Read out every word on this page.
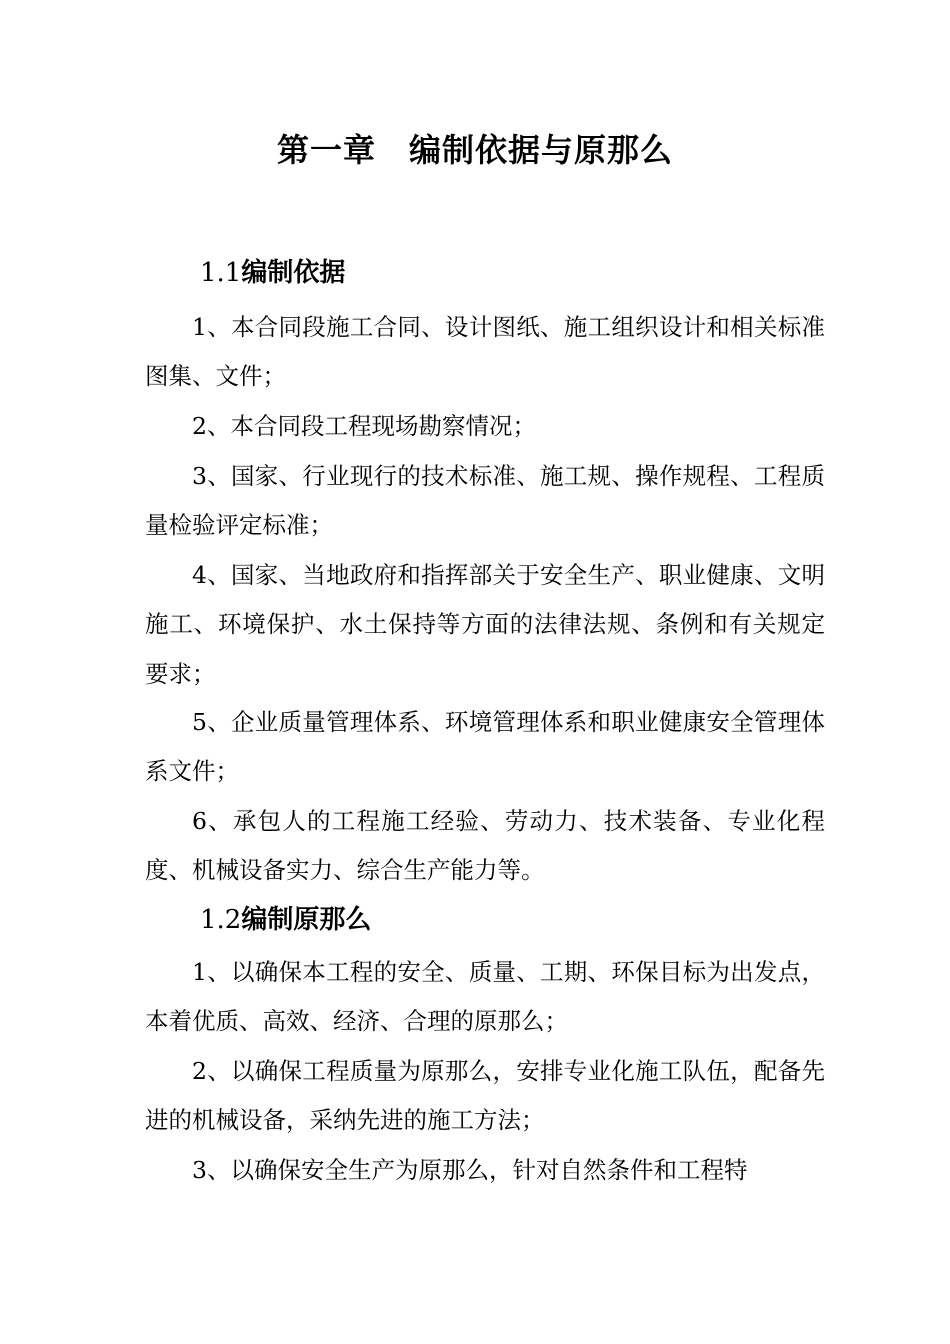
第一章　编制依据与原那么
1.1编制依据

1、本合同段施工合同、设计图纸、施工组织设计和相关标准图集、文件；

2、本合同段工程现场勘察情况；

3、国家、行业现行的技术标准、施工规、操作规程、工程质量检验评定标准；

4、国家、当地政府和指挥部关于安全生产、职业健康、文明施工、环境保护、水土保持等方面的法律法规、条例和有关规定要求；

5、企业质量管理体系、环境管理体系和职业健康安全管理体系文件；

6、承包人的工程施工经验、劳动力、技术装备、专业化程度、机械设备实力、综合生产能力等。

1.2编制原那么

1、以确保本工程的安全、质量、工期、环保目标为出发点，本着优质、高效、经济、合理的原那么；

2、以确保工程质量为原那么，安排专业化施工队伍，配备先进的机械设备，采纳先进的施工方法；

3、以确保安全生产为原那么，针对自然条件和工程特
